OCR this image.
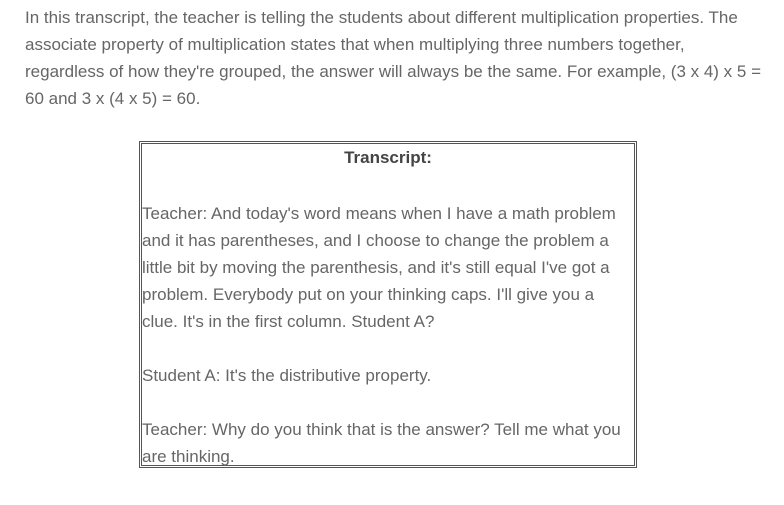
In this transcript, the teacher is telling the students about different multiplication properties. The associate property of multiplication states that when multiplying three numbers together, regardless of how they're grouped, the answer will always be the same. For example, (3 x 4) x 5 = 60 and 3 x (4 x 5) = 60.

Transcript:

Teacher: And today's word means when I have a math problem and it has parentheses, and I choose to change the problem a little bit by moving the parenthesis, and it's still equal I've got a problem. Everybody put on your thinking caps. I'll give you a clue. It's in the first column. Student A?

Student A: It's the distributive property.

Teacher: Why do you think that is the answer? Tell me what you are thinking.
